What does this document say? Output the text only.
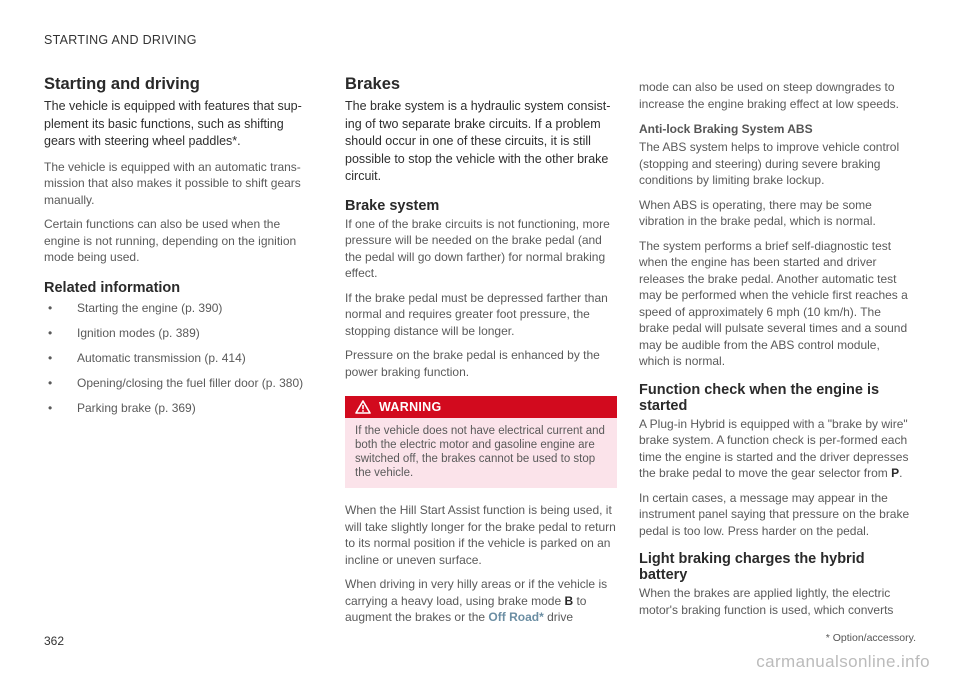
STARTING AND DRIVING
Starting and driving

The vehicle is equipped with features that sup-plement its basic functions, such as shifting gears with steering wheel paddles*.

The vehicle is equipped with an automatic trans-mission that also makes it possible to shift gears manually.

Certain functions can also be used when the engine is not running, depending on the ignition mode being used.

Related information
• Starting the engine (p. 390)
• Ignition modes (p. 389)
• Automatic transmission (p. 414)
• Opening/closing the fuel filler door (p. 380)
• Parking brake (p. 369)
Brakes

The brake system is a hydraulic system consist-ing of two separate brake circuits. If a problem should occur in one of these circuits, it is still possible to stop the vehicle with the other brake circuit.

Brake system

If one of the brake circuits is not functioning, more pressure will be needed on the brake pedal (and the pedal will go down farther) for normal braking effect.

If the brake pedal must be depressed farther than normal and requires greater foot pressure, the stopping distance will be longer.

Pressure on the brake pedal is enhanced by the power braking function.

WARNING
If the vehicle does not have electrical current and both the electric motor and gasoline engine are switched off, the brakes cannot be used to stop the vehicle.

When the Hill Start Assist function is being used, it will take slightly longer for the brake pedal to return to its normal position if the vehicle is parked on an incline or uneven surface.

When driving in very hilly areas or if the vehicle is carrying a heavy load, using brake mode B to augment the brakes or the Off Road* drive

mode can also be used on steep downgrades to increase the engine braking effect at low speeds.

Anti-lock Braking System ABS

The ABS system helps to improve vehicle control (stopping and steering) during severe braking conditions by limiting brake lockup.

When ABS is operating, there may be some vibration in the brake pedal, which is normal.

The system performs a brief self-diagnostic test when the engine has been started and driver releases the brake pedal. Another automatic test may be performed when the vehicle first reaches a speed of approximately 6 mph (10 km/h). The brake pedal will pulsate several times and a sound may be audible from the ABS control module, which is normal.

Function check when the engine is started

A Plug-in Hybrid is equipped with a "brake by wire" brake system. A function check is per-formed each time the engine is started and the driver depresses the brake pedal to move the gear selector from P.

In certain cases, a message may appear in the instrument panel saying that pressure on the brake pedal is too low. Press harder on the pedal.

Light braking charges the hybrid battery

When the brakes are applied lightly, the electric motor's braking function is used, which converts

* Option/accessory.
362
carmanualsonline.info
